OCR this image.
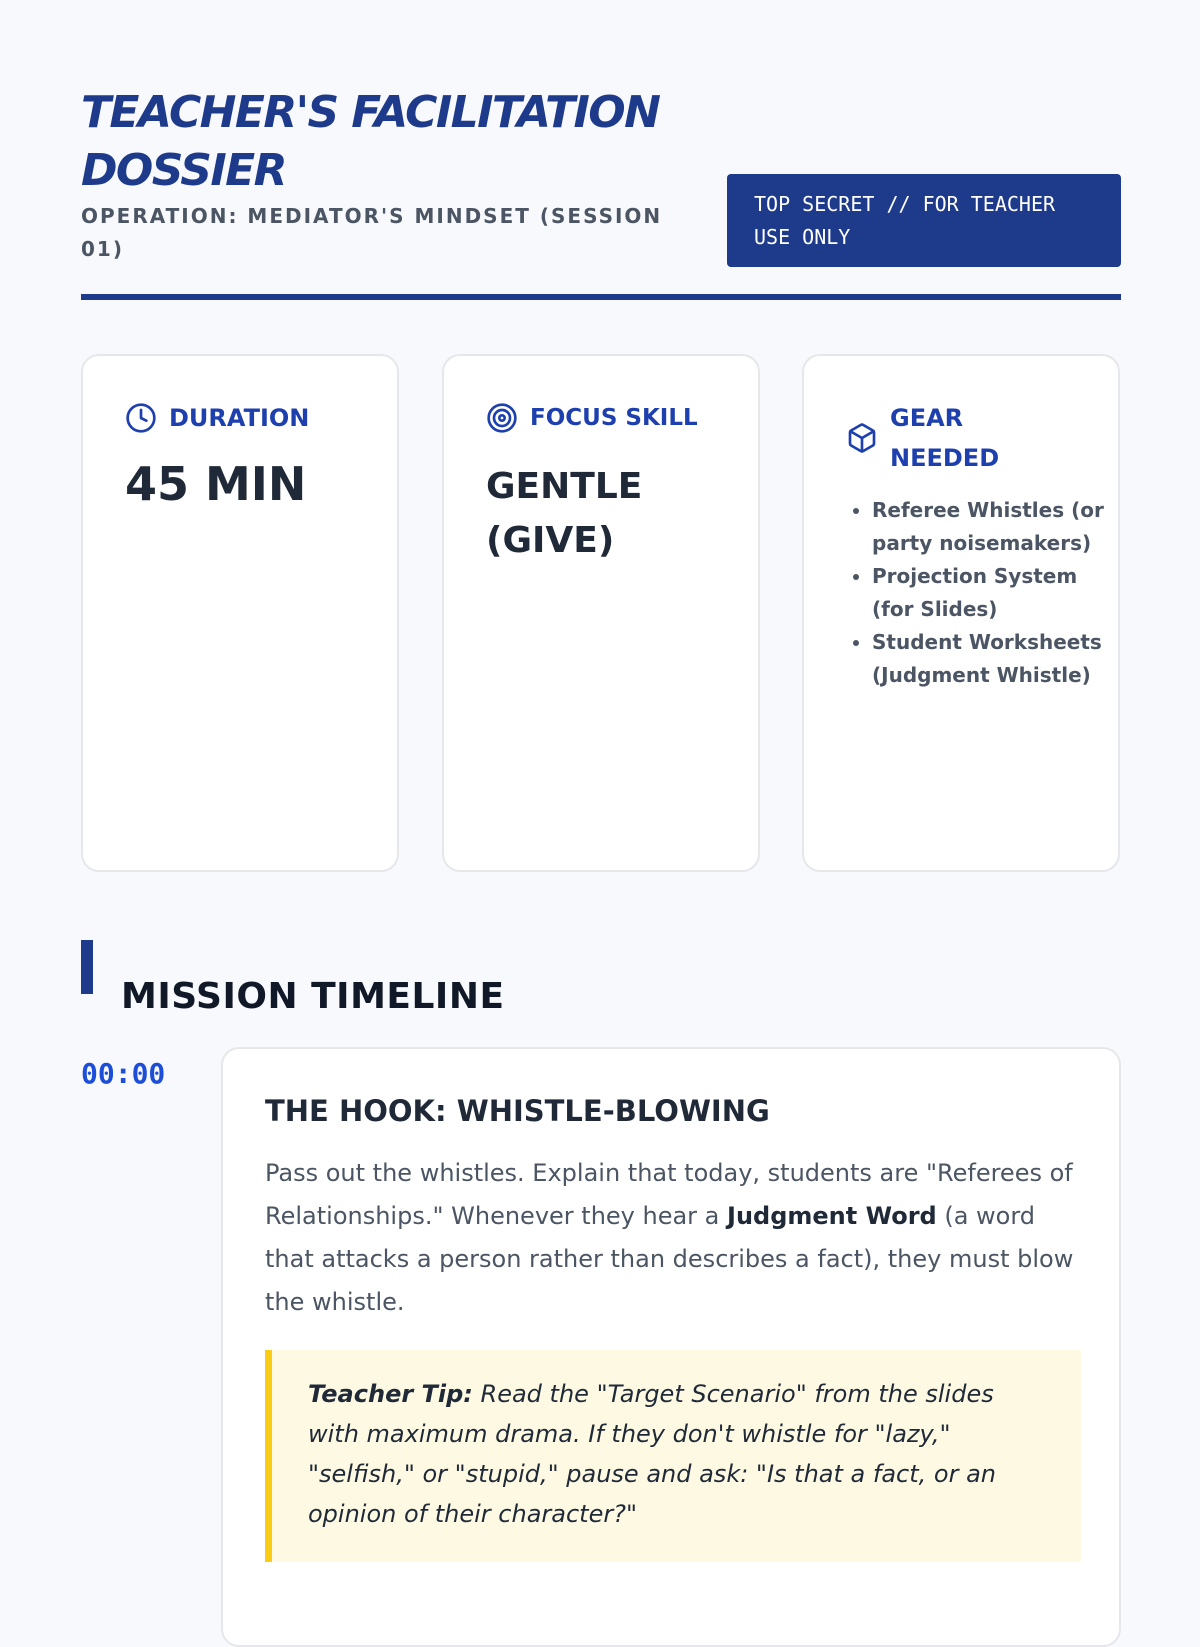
TEACHER'S FACILITATION DOSSIER
OPERATION: MEDIATOR'S MINDSET (SESSION 01)
TOP SECRET // FOR TEACHER USE ONLY
DURATION
45 MIN
FOCUS SKILL
GENTLE (GIVE)
GEAR NEEDED
• Referee Whistles (or party noisemakers)
• Projection System (for Slides)
• Student Worksheets (Judgment Whistle)
MISSION TIMELINE
00:00
THE HOOK: WHISTLE-BLOWING

Pass out the whistles. Explain that today, students are "Referees of Relationships." Whenever they hear a Judgment Word (a word that attacks a person rather than describes a fact), they must blow the whistle.

Teacher Tip: Read the "Target Scenario" from the slides with maximum drama. If they don't whistle for "lazy," "selfish," or "stupid," pause and ask: "Is that a fact, or an opinion of their character?"
